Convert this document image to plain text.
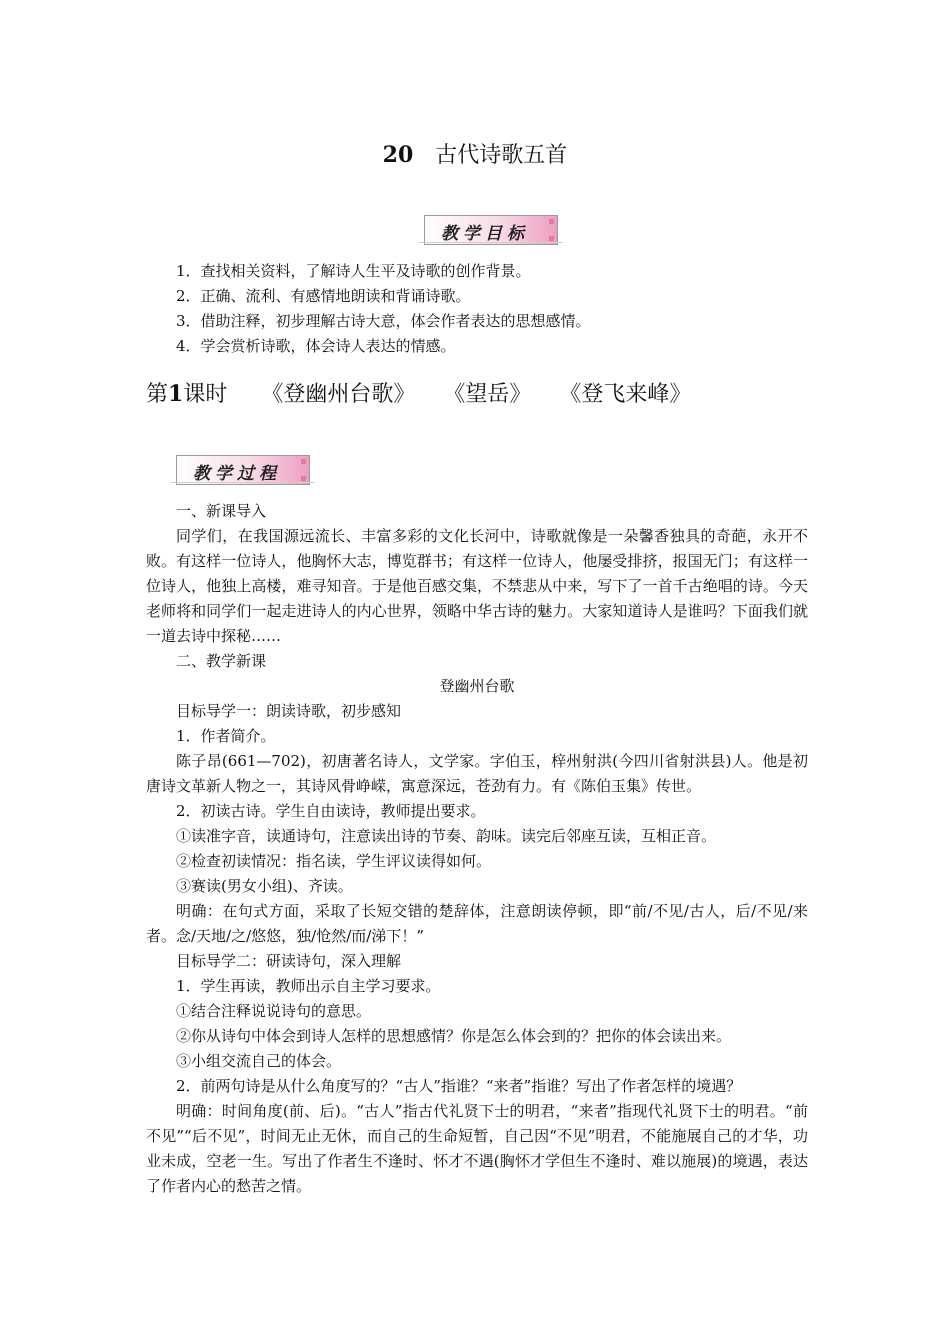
20 古代诗歌五首
教学目标
1．查找相关资料，了解诗人生平及诗歌的创作背景。
2．正确、流利、有感情地朗读和背诵诗歌。
3．借助注释，初步理解古诗大意，体会作者表达的思想感情。
4．学会赏析诗歌，体会诗人表达的情感。
第1课时 《登幽州台歌》 《望岳》 《登飞来峰》
教学过程

一、新课导入

同学们，在我国源远流长、丰富多彩的文化长河中，诗歌就像是一朵馨香独具的奇葩，永开不败。有这样一位诗人，他胸怀大志，博览群书；有这样一位诗人，他屡受排挤，报国无门；有这样一位诗人，他独上高楼，难寻知音。于是他百感交集，不禁悲从中来，写下了一首千古绝唱的诗。今天老师将和同学们一起走进诗人的内心世界，领略中华古诗的魅力。大家知道诗人是谁吗？下面我们就一道去诗中探秘……

二、教学新课

登幽州台歌

目标导学一：朗读诗歌，初步感知

1．作者简介。

陈子昂(661—702)，初唐著名诗人，文学家。字伯玉，梓州射洪(今四川省射洪县)人。他是初唐诗文革新人物之一，其诗风骨峥嵘，寓意深远，苍劲有力。有《陈伯玉集》传世。

2．初读古诗。学生自由读诗，教师提出要求。

①读准字音，读通诗句，注意读出诗的节奏、韵味。读完后邻座互读，互相正音。

②检查初读情况：指名读，学生评议读得如何。

③赛读(男女小组)、齐读。

明确：在句式方面，采取了长短交错的楚辞体，注意朗读停顿，即“前/不见/古人，后/不见/来者。念/天地/之/悠悠，独/怆然/而/涕下！”

目标导学二：研读诗句，深入理解

1．学生再读，教师出示自主学习要求。

①结合注释说说诗句的意思。

②你从诗句中体会到诗人怎样的思想感情？你是怎么体会到的？把你的体会读出来。

③小组交流自己的体会。

2．前两句诗是从什么角度写的？“古人”指谁？“来者”指谁？写出了作者怎样的境遇？

明确：时间角度(前、后)。“古人”指古代礼贤下士的明君，“来者”指现代礼贤下士的明君。“前不见”“后不见”，时间无止无休，而自己的生命短暂，自己因“不见”明君，不能施展自己的才华，功业未成，空老一生。写出了作者生不逢时、怀才不遇(胸怀才学但生不逢时、难以施展)的境遇，表达了作者内心的愁苦之情。
